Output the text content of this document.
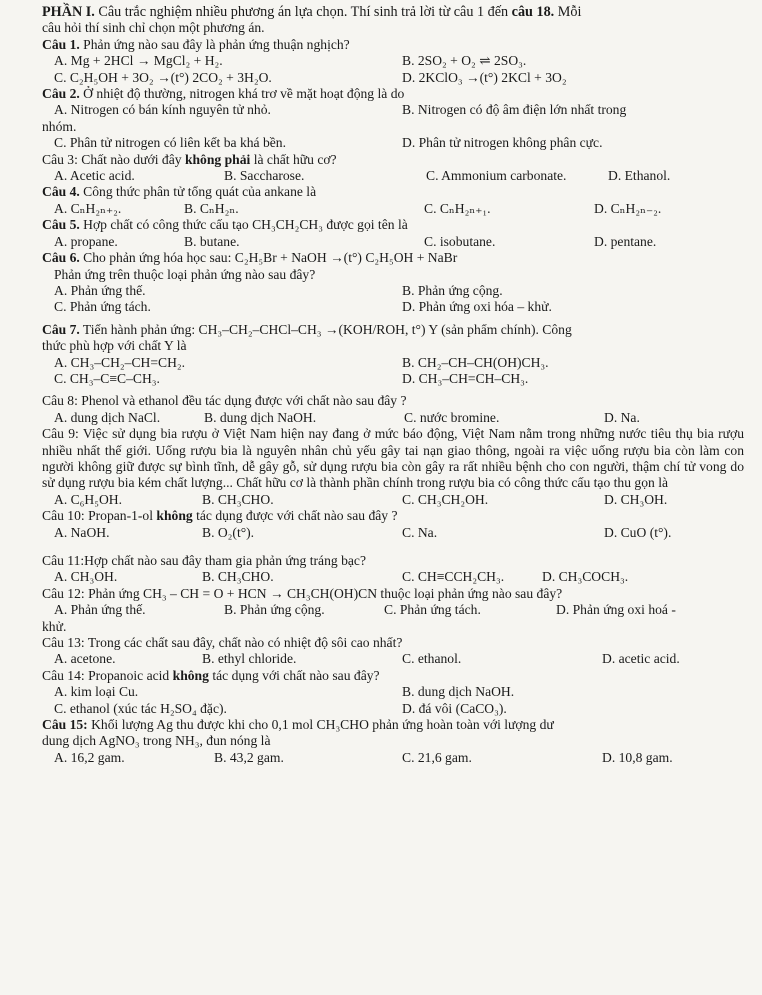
PHẦN I. Câu trắc nghiệm nhiều phương án lựa chọn. Thí sinh trả lời từ câu 1 đến câu 18. Mỗi
câu hỏi thí sinh chỉ chọn một phương án.
Câu 1. Phản ứng nào sau đây là phản ứng thuận nghịch?
A. Mg + 2HCl → MgCl₂ + H₂.	B. 2SO₂ + O₂ ⇌ 2SO₃.
C. C₂H₅OH + 3O₂ →(t°) 2CO₂ + 3H₂O.	D. 2KClO₃ →(t°) 2KCl + 3O₂
Câu 2. Ở nhiệt độ thường, nitrogen khá trơ về mặt hoạt động là do
A. Nitrogen có bán kính nguyên tử nhỏ.	B. Nitrogen có độ âm điện lớn nhất trong
nhóm.
C. Phân tử nitrogen có liên kết ba khá bền.	D. Phân tử nitrogen không phân cực.
Câu 3: Chất nào dưới đây không phải là chất hữu cơ?
A. Acetic acid.	B. Saccharose.	C. Ammonium carbonate.	D. Ethanol.
Câu 4. Công thức phân tử tổng quát của ankane là
A. CₙH₂ₙ₊₂.	B. CₙH₂ₙ.	C. CₙH₂ₙ₊₁.	D. CₙH₂ₙ₋₂.
Câu 5. Hợp chất có công thức cấu tạo CH₃CH₂CH₃ được gọi tên là
A. propane.	B. butane.	C. isobutane.	D. pentane.
Câu 6. Cho phản ứng hóa học sau: C₂H₅Br + NaOH →(t°) C₂H₅OH + NaBr
Phản ứng trên thuộc loại phản ứng nào sau đây?
A. Phản ứng thế.	B. Phản ứng cộng.
C. Phản ứng tách.	D. Phản ứng oxi hóa – khử.
Câu 7. Tiến hành phản ứng: CH₃–CH₂–CHCl–CH₃ →(KOH/ROH, t°) Y (sản phẩm chính). Công
thức phù hợp với chất Y là
A. CH₃–CH₂–CH=CH₂.	B. CH₂–CH–CH(OH)CH₃.
C. CH₃–C≡C–CH₃.	D. CH₃–CH=CH–CH₃.
Câu 8: Phenol và ethanol đều tác dụng được với chất nào sau đây ?
A. dung dịch NaCl.	B. dung dịch NaOH.	C. nước bromine.	D. Na.
Câu 9: Việc sử dụng bia rượu ở Việt Nam hiện nay đang ở mức báo động, Việt Nam nằm trong những nước tiêu thụ bia rượu nhiều nhất thế giới. Uống rượu bia là nguyên nhân chủ yếu gây tai nạn giao thông, ngoài ra việc uống rượu bia còn làm con người không giữ được sự bình tĩnh, dễ gây gỗ, sử dụng rượu bia còn gây ra rất nhiều bệnh cho con người, thậm chí tử vong do sử dụng rượu bia kém chất lượng... Chất hữu cơ là thành phần chính trong rượu bia có công thức cấu tạo thu gọn là
A. C₆H₅OH.	B. CH₃CHO.	C. CH₃CH₂OH.	D. CH₃OH.
Câu 10: Propan-1-ol không tác dụng được với chất nào sau đây ?
A. NaOH.	B. O₂(t°).	C. Na.	D. CuO (t°).
Câu 11:Hợp chất nào sau đây tham gia phản ứng tráng bạc?
A. CH₃OH.	B. CH₃CHO.	C. CH≡CCH₂CH₃.	D. CH₃COCH₃.
Câu 12: Phản ứng CH₃ – CH = O + HCN → CH₃CH(OH)CN thuộc loại phản ứng nào sau đây?
A. Phản ứng thế.	B. Phản ứng cộng.	C. Phản ứng tách.	D. Phản ứng oxi hoá -
khử.
Câu 13: Trong các chất sau đây, chất nào có nhiệt độ sôi cao nhất?
A. acetone.	B. ethyl chloride.	C. ethanol.	D. acetic acid.
Câu 14: Propanoic acid không tác dụng với chất nào sau đây?
A. kim loại Cu.	B. dung dịch NaOH.
C. ethanol (xúc tác H₂SO₄ đặc).	D. đá vôi (CaCO₃).
Câu 15: Khối lượng Ag thu được khi cho 0,1 mol CH₃CHO phản ứng hoàn toàn với lượng dư
dung dịch AgNO₃ trong NH₃, đun nóng là
A. 16,2 gam.	B. 43,2 gam.	C. 21,6 gam.	D. 10,8 gam.
